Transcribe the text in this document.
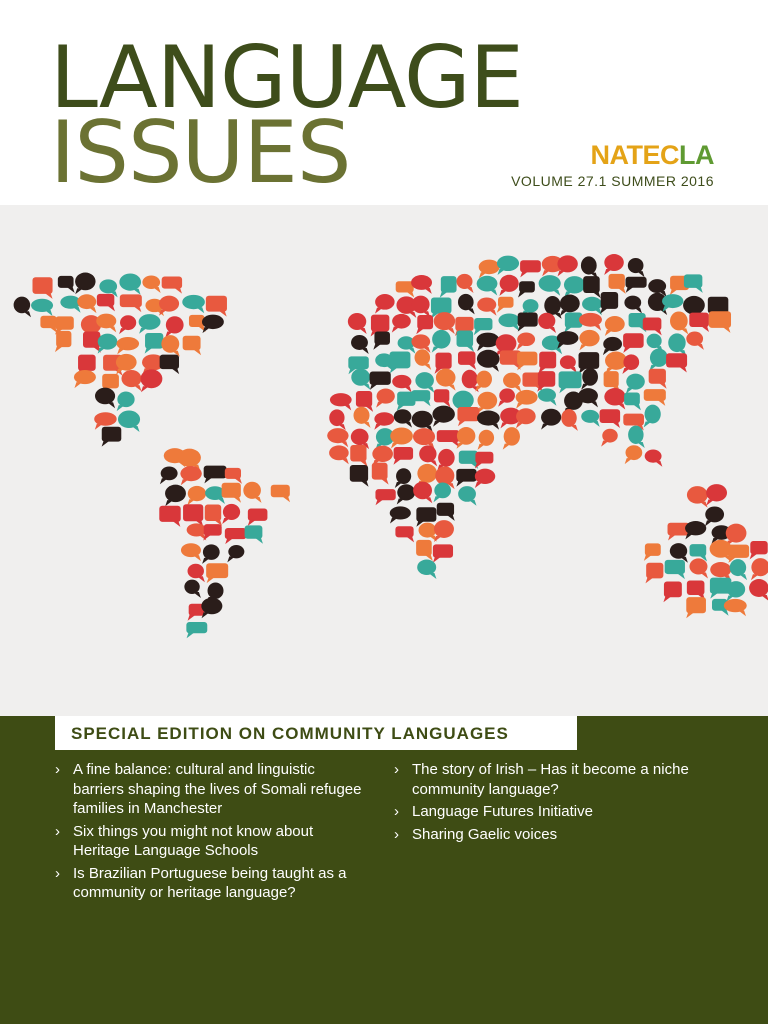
LANGUAGE
ISSUES	NATECLA
VOLUME 27.1 SUMMER 2016
SPECIAL EDITION ON COMMUNITY LANGUAGES
› A fine balance: cultural and linguistic barriers shaping the lives of Somali refugee families in Manchester
› Six things you might not know about Heritage Language Schools
› Is Brazilian Portuguese being taught as a community or heritage language?
› The story of Irish – Has it become a niche community language?
› Language Futures Initiative
› Sharing Gaelic voices
